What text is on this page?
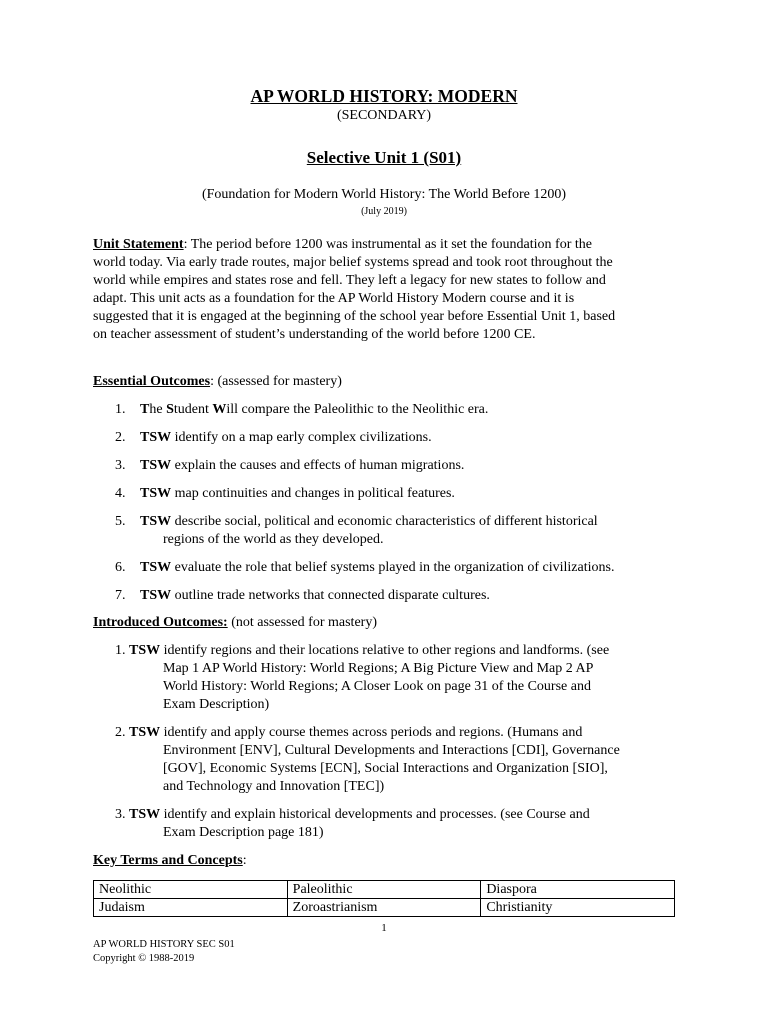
AP WORLD HISTORY: MODERN
(SECONDARY)
Selective Unit 1 (S01)
(Foundation for Modern World History: The World Before 1200)
(July 2019)
Unit Statement: The period before 1200 was instrumental as it set the foundation for the
world today. Via early trade routes, major belief systems spread and took root throughout the
world while empires and states rose and fell. They left a legacy for new states to follow and
adapt. This unit acts as a foundation for the AP World History Modern course and it is
suggested that it is engaged at the beginning of the school year before Essential Unit 1, based
on teacher assessment of student’s understanding of the world before 1200 CE.
Essential Outcomes: (assessed for mastery)
1.	The Student Will compare the Paleolithic to the Neolithic era.
2.	TSW identify on a map early complex civilizations.
3.	TSW explain the causes and effects of human migrations.
4.	TSW map continuities and changes in political features.
5.	TSW describe social, political and economic characteristics of different historical
regions of the world as they developed.
6.	TSW evaluate the role that belief systems played in the organization of civilizations.
7.	TSW outline trade networks that connected disparate cultures.
Introduced Outcomes: (not assessed for mastery)
1. TSW identify regions and their locations relative to other regions and landforms. (see
Map 1 AP World History: World Regions; A Big Picture View and Map 2 AP
World History: World Regions; A Closer Look on page 31 of the Course and
Exam Description)
2. TSW identify and apply course themes across periods and regions. (Humans and
Environment [ENV], Cultural Developments and Interactions [CDI], Governance
[GOV], Economic Systems [ECN], Social Interactions and Organization [SIO],
and Technology and Innovation [TEC])
3. TSW identify and explain historical developments and processes. (see Course and
Exam Description page 181)
Key Terms and Concepts:
Neolithic	Paleolithic	Diaspora
Judaism	Zoroastrianism	Christianity
1
AP WORLD HISTORY SEC S01
Copyright © 1988-2019
